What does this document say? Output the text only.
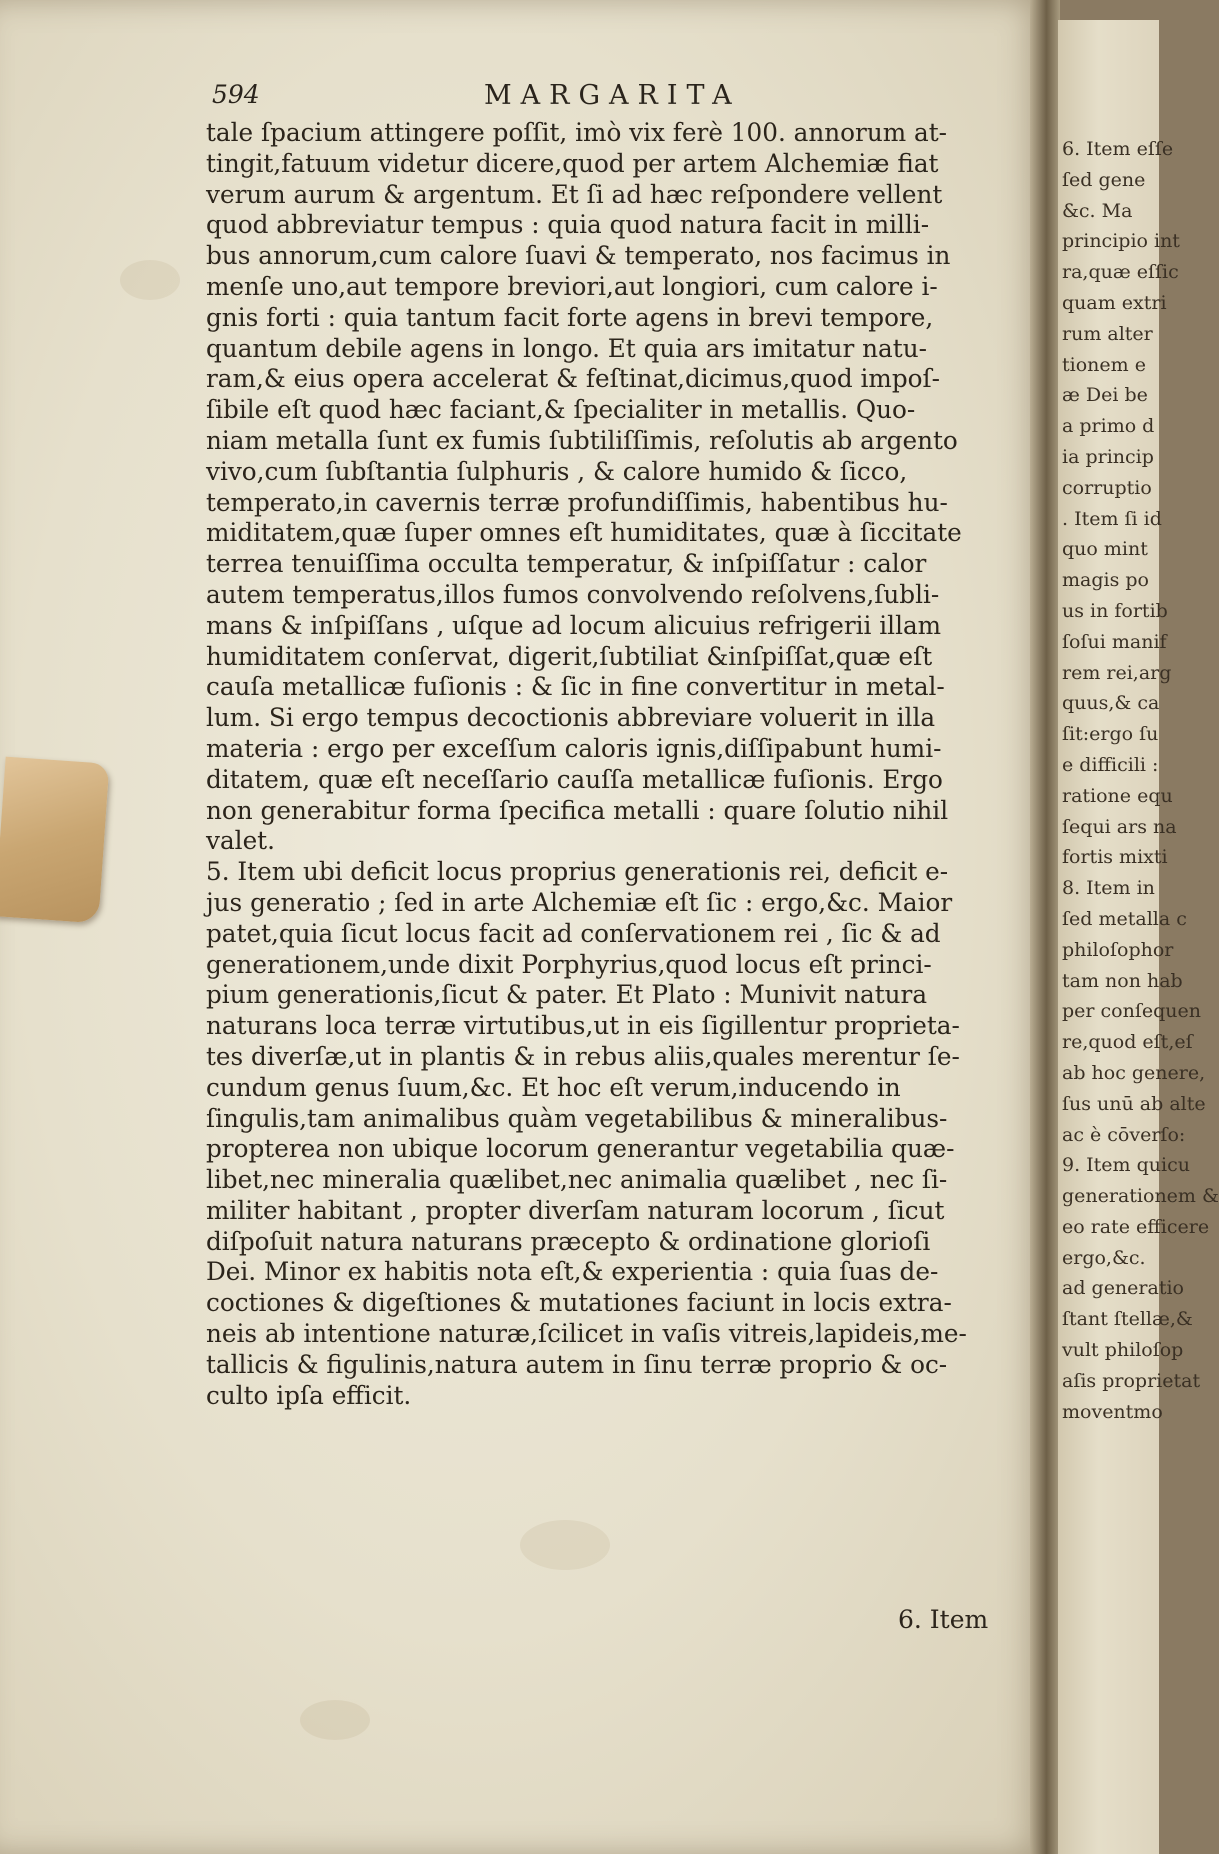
594	MARGARITA
tale ſpacium attingere poſſit, imò vix ferè 100. annorum at-
tingit,fatuum videtur dicere,quod per artem Alchemiæ fiat
verum aurum & argentum. Et ſi ad hæc reſpondere vellent
quod abbreviatur tempus : quia quod natura facit in milli-
bus annorum,cum calore ſuavi & temperato, nos facimus in
menſe uno,aut tempore breviori,aut longiori, cum calore i-
gnis forti : quia tantum facit forte agens in brevi tempore,
quantum debile agens in longo. Et quia ars imitatur natu-
ram,& eius opera accelerat & feſtinat,dicimus,quod impoſ-
ſibile eſt quod hæc faciant,& ſpecialiter in metallis. Quo-
niam metalla ſunt ex fumis ſubtiliſſimis, reſolutis ab argento
vivo,cum ſubſtantia ſulphuris , & calore humido & ſicco,
temperato,in cavernis terræ profundiſſimis, habentibus hu-
miditatem,quæ ſuper omnes eſt humiditates, quæ à ſiccitate
terrea tenuiſſima occulta temperatur, & inſpiſſatur : calor
autem temperatus,illos fumos convolvendo reſolvens,ſubli-
mans & inſpiſſans , uſque ad locum alicuius refrigerii illam
humiditatem conſervat, digerit,ſubtiliat &inſpiſſat,quæ eſt
cauſa metallicæ fuſionis : & ſic in fine convertitur in metal-
lum. Si ergo tempus decoctionis abbreviare voluerit in illa
materia : ergo per exceſſum caloris ignis,diſſipabunt humi-
ditatem, quæ eſt neceſſario cauſſa metallicæ fuſionis. Ergo
non generabitur forma ſpecifica metalli : quare ſolutio nihil
valet.
5. Item ubi deficit locus proprius generationis rei, deficit e-
jus generatio ; ſed in arte Alchemiæ eſt ſic : ergo,&c. Maior
patet,quia ſicut locus facit ad conſervationem rei , ſic & ad
generationem,unde dixit Porphyrius,quod locus eſt princi-
pium generationis,ſicut & pater. Et Plato : Munivit natura
naturans loca terræ virtutibus,ut in eis ſigillentur proprieta-
tes diverſæ,ut in plantis & in rebus aliis,quales merentur ſe-
cundum genus ſuum,&c. Et hoc eſt verum,inducendo in
ſingulis,tam animalibus quàm vegetabilibus & mineralibus-
propterea non ubique locorum generantur vegetabilia quæ-
libet,nec mineralia quælibet,nec animalia quælibet , nec ſi-
militer habitant , propter diverſam naturam locorum , ſicut
diſpoſuit natura naturans præcepto & ordinatione glorioſi
Dei. Minor ex habitis nota eſt,& experientia : quia ſuas de-
coctiones & digeſtiones & mutationes faciunt in locis extra-
neis ab intentione naturæ,ſcilicet in vaſis vitreis,lapideis,me-
tallicis & figulinis,natura autem in ſinu terræ proprio & oc-
culto ipſa efficit.
6. Item
6. Item eſſe
ſed gene
&c. Ma
principio int
ra,quæ eſſic
quam extri
rum alter
tionem e
æ Dei be
a primo d
ia princip
corruptio
. Item ſi id
quo mint
magis po
us in fortib
ſoſui manif
rem rei,arg
quus,& ca
ſit:ergo ſu
e difficili :
ratione equ
ſequi ars na
fortis mixti
8. Item in
ſed metalla c
philoſophor
tam non hab
per conſequen
re,quod eſt,eſ
ab hoc genere,
ſus unū ab alte
ac è cōverſo:
9. Item quicu
generationem &
eo rate efficere
ergo,&c.
ad generatio
ſtant ſtellæ,&
vult philoſop
aſis proprietat
moventmo
